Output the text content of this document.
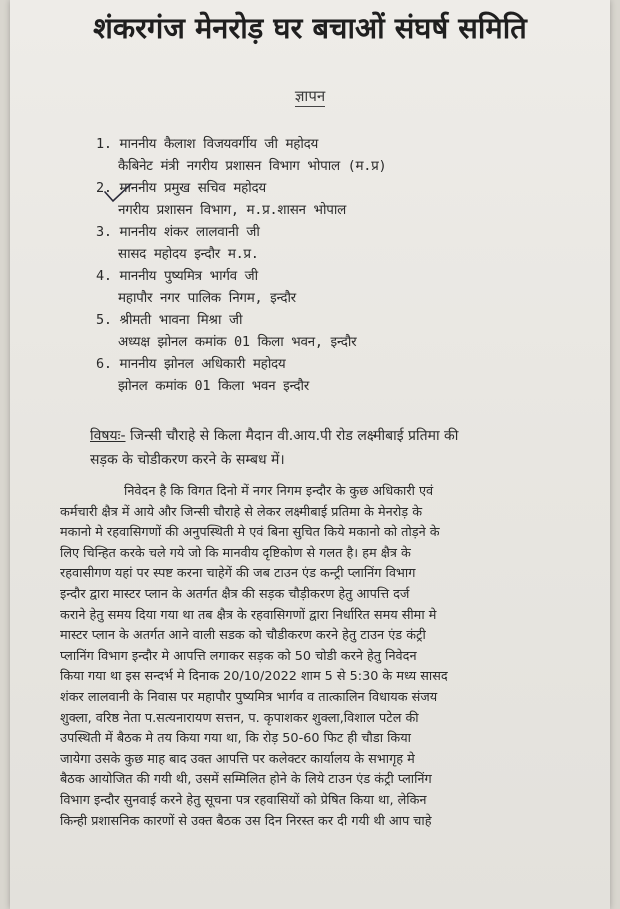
शंकरगंज मेनरोड़ घर बचाओं संघर्ष समिति
ज्ञापन
1. माननीय कैलाश विजयवर्गीय जी महोदय
कैबिनेट मंत्री नगरीय प्रशासन विभाग भोपाल (म.प्र)
2. माननीय प्रमुख सचिव महोदय
नगरीय प्रशासन विभाग, म.प्र.शासन भोपाल
3. माननीय शंकर लालवानी जी
सासद महोदय इन्दौर म.प्र.
4. माननीय पुष्यमित्र भार्गव जी
महापौर नगर पालिक निगम, इन्दौर
5. श्रीमती भावना मिश्रा जी
अध्यक्ष झोनल कमांक 01 किला भवन, इन्दौर
6. माननीय झोनल अधिकारी महोदय
झोनल कमांक 01 किला भवन इन्दौर
विषयः- जिन्सी चौराहे से किला मैदान वी.आय.पी रोड लक्ष्मीबाई प्रतिमा की
सड़क के चोडीकरण करने के सम्बध में।
निवेदन है कि विगत दिनो में नगर निगम इन्दौर के कुछ अधिकारी एवं
कर्मचारी क्षैत्र में आये और जिन्सी चौराहे से लेकर लक्ष्मीबाई प्रतिमा के मेनरोड़ के
मकानो मे रहवासिगणों की अनुपस्थिती मे एवं बिना सुचित किये मकानो को तोड़ने के
लिए चिन्हित करके चले गये जो कि मानवीय दृष्टिकोण से गलत है। हम क्षैत्र के
रहवासीगण यहां पर स्पष्ट करना चाहेगें की जब टाउन एंड कन्ट्री प्लानिंग विभाग
इन्दौर द्वारा मास्टर प्लान के अतर्गत क्षैत्र की सड़क चौड़ीकरण हेतु आपत्ति दर्ज
कराने हेतु समय दिया गया था तब क्षैत्र के रहवासिगणों द्वारा निर्धारित समय सीमा मे
मास्टर प्लान के अतर्गत आने वाली सडक को चौडीकरण करने हेतु टाउन एंड कंट्री
प्लानिंग विभाग इन्दौर मे आपत्ति लगाकर सड़क को 50 चोडी करने हेतु निवेदन
किया गया था इस सन्दर्भ मे दिनाक 20/10/2022 शाम 5 से 5:30 के मध्य सासद
शंकर लालवानी के निवास पर महापौर पुष्यमित्र भार्गव व तात्कालिन विधायक संजय
शुक्ला, वरिष्ठ नेता प.सत्यनारायण सत्तन, प. कृपाशकर शुक्ला,विशाल पटेल की
उपस्थिती में बैठक मे तय किया गया था, कि रोड़ 50-60 फिट ही चौडा किया
जायेगा उसके कुछ माह बाद उक्त आपत्ति पर कलेक्टर कार्यालय के सभागृह मे
बैठक आयोजित की गयी थी, उसमें सम्मिलित होने के लिये टाउन एंड कंट्री प्लानिंग
विभाग इन्दौर सुनवाई करने हेतु सूचना पत्र रहवासियों को प्रेषित किया था, लेकिन
किन्ही प्रशासनिक कारणों से उक्त बैठक उस दिन निरस्त कर दी गयी थी आप चाहे
